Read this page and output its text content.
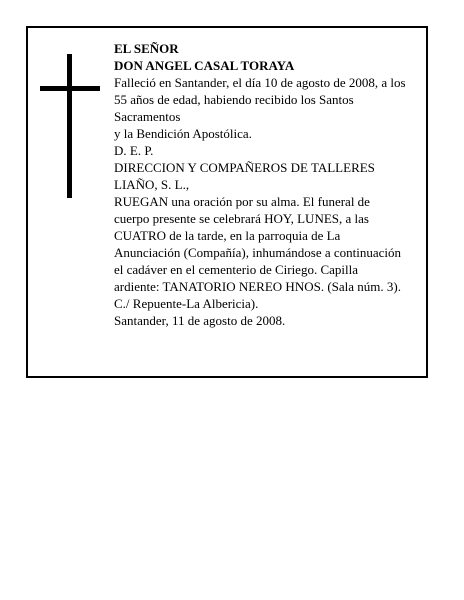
EL SEÑOR
DON ANGEL CASAL TORAYA
Falleció en Santander, el día 10 de agosto de 2008, a los
55 años de edad, habiendo recibido los Santos
Sacramentos
y la Bendición Apostólica.
D. E. P.
DIRECCION Y COMPAÑEROS DE TALLERES
LIAÑO, S. L.,
RUEGAN una oración por su alma. El funeral de
cuerpo presente se celebrará HOY, LUNES, a las
CUATRO de la tarde, en la parroquia de La
Anunciación (Compañía), inhumándose a continuación
el cadáver en el cementerio de Ciriego. Capilla
ardiente: TANATORIO NEREO HNOS. (Sala núm. 3).
C./ Repuente-La Albericia).
Santander, 11 de agosto de 2008.
